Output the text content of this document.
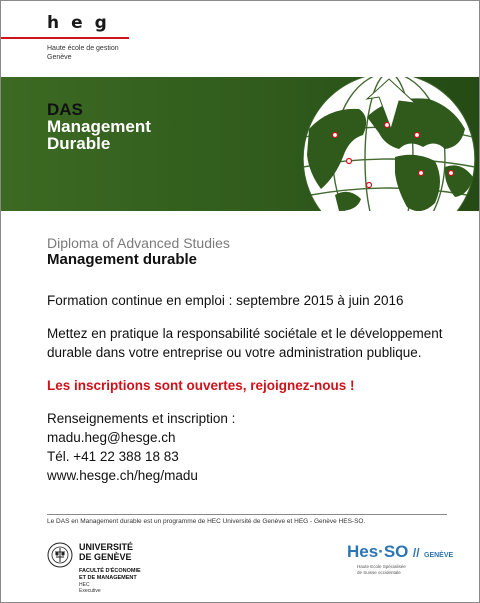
heg
Haute école de gestion
Genève
DAS
Management
Durable
Diploma of Advanced Studies
Management durable

Formation continue en emploi : septembre 2015 à juin 2016

Mettez en pratique la responsabilité sociétale et le développement durable dans votre entreprise ou votre administration publique.

Les inscriptions sont ouvertes, rejoignez-nous !

Renseignements et inscription :

madu.heg@hesge.ch

Tél. +41 22 388 18 83

www.hesge.ch/heg/madu

Le DAS en Management durable est un programme de HEC Université de Genève et HEG - Genève HES-SO.
UNIVERSITÉ
DE GENÈVE
FACULTÉ D'ÉCONOMIE
ET DE MANAGEMENT
HEC Executive
Hes·SO // GENÈVE
Haute Ecole Spécialisée
de Suisse occidentale
